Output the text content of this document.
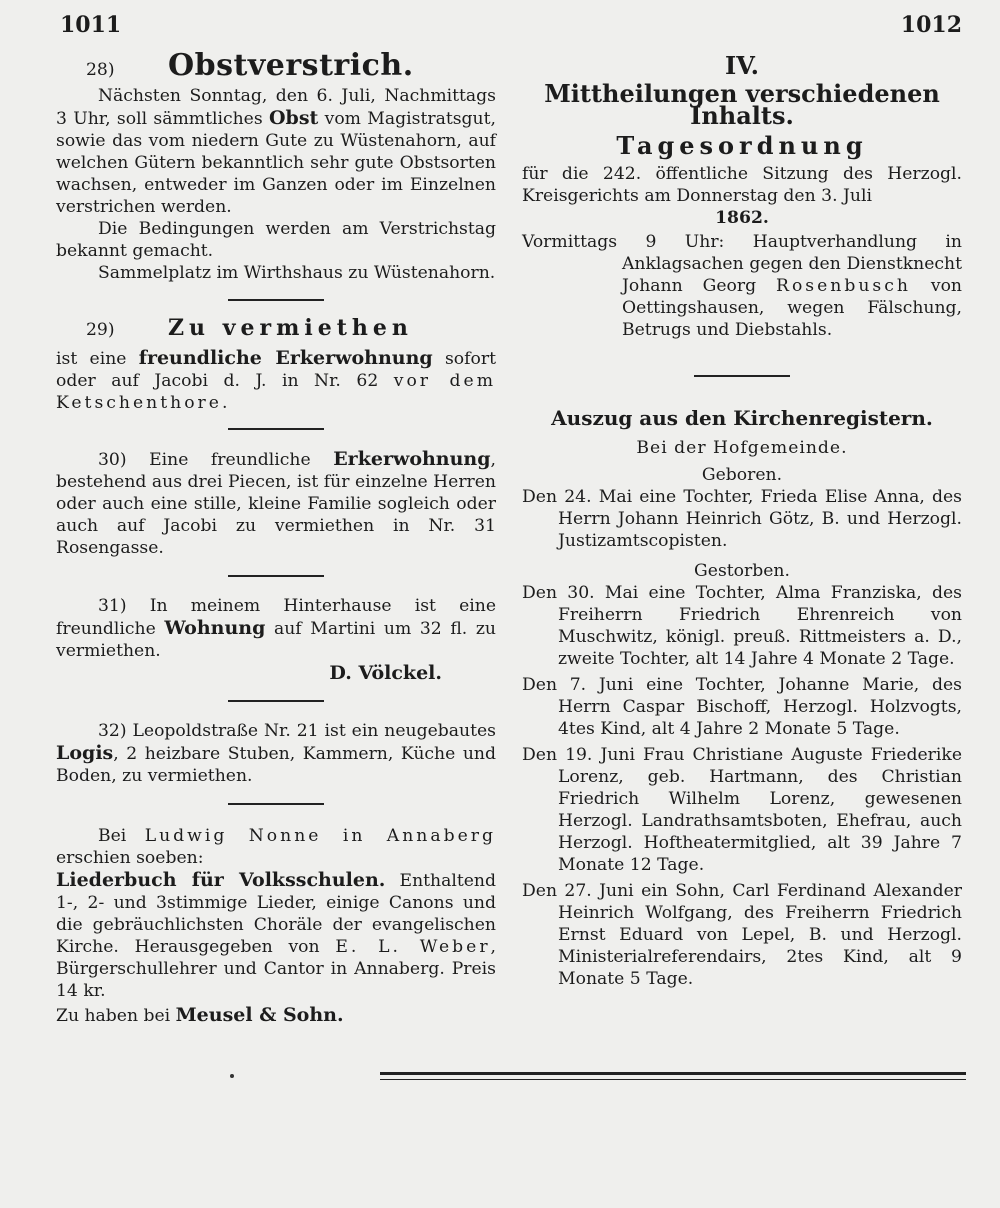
1011	1012
28)	Obstverstrich.

Nächsten Sonntag, den 6. Juli, Nachmittags 3 Uhr, soll sämmtliches Obst vom Magistratsgut, sowie das vom niedern Gute zu Wüstenahorn, auf welchen Gütern bekanntlich sehr gute Obstsorten wachsen, entweder im Ganzen oder im Einzelnen verstrichen werden.

Die Bedingungen werden am Verstrichstag bekannt gemacht.

Sammelplatz im Wirthshaus zu Wüstenahorn.

29)	Zu vermiethen

ist eine freundliche Erkerwohnung sofort oder auf Jacobi d. J. in Nr. 62 vor dem Ketschenthore.

30) Eine freundliche Erkerwohnung, bestehend aus drei Piecen, ist für einzelne Herren oder auch eine stille, kleine Familie sogleich oder auch auf Jacobi zu vermiethen in Nr. 31 Rosengasse.

31) In meinem Hinterhause ist eine freundliche Wohnung auf Martini um 32 fl. zu vermiethen.

D. Völckel.

32) Leopoldstraße Nr. 21 ist ein neugebautes Logis, 2 heizbare Stuben, Kammern, Küche und Boden, zu vermiethen.

Bei Ludwig Nonne in Annaberg erschien soeben:

Liederbuch für Volksschulen. Enthaltend 1-, 2- und 3stimmige Lieder, einige Canons und die gebräuchlichsten Choräle der evangelischen Kirche. Herausgegeben von E. L. Weber, Bürgerschullehrer und Cantor in Annaberg. Preis 14 kr.

Zu haben bei Meusel & Sohn.

IV.
Mittheilungen verschiedenen Inhalts.
Tagesordnung

für die 242. öffentliche Sitzung des Herzogl. Kreisgerichts am Donnerstag den 3. Juli

1862.

Vormittags 9 Uhr: Hauptverhandlung in Anklagsachen gegen den Dienstknecht Johann Georg Rosenbusch von Oettingshausen, wegen Fälschung, Betrugs und Diebstahls.

Auszug aus den Kirchenregistern.
Bei der Hofgemeinde.
Geboren.

Den 24. Mai eine Tochter, Frieda Elise Anna, des Herrn Johann Heinrich Götz, B. und Herzogl. Justizamtscopisten.

Gestorben.

Den 30. Mai eine Tochter, Alma Franziska, des Freiherrn Friedrich Ehrenreich von Muschwitz, königl. preuß. Rittmeisters a. D., zweite Tochter, alt 14 Jahre 4 Monate 2 Tage.

Den 7. Juni eine Tochter, Johanne Marie, des Herrn Caspar Bischoff, Herzogl. Holzvogts, 4tes Kind, alt 4 Jahre 2 Monate 5 Tage.

Den 19. Juni Frau Christiane Auguste Friederike Lorenz, geb. Hartmann, des Christian Friedrich Wilhelm Lorenz, gewesenen Herzogl. Landrathsamtsboten, Ehefrau, auch Herzogl. Hoftheatermitglied, alt 39 Jahre 7 Monate 12 Tage.

Den 27. Juni ein Sohn, Carl Ferdinand Alexander Heinrich Wolfgang, des Freiherrn Friedrich Ernst Eduard von Lepel, B. und Herzogl. Ministerialreferendairs, 2tes Kind, alt 9 Monate 5 Tage.
